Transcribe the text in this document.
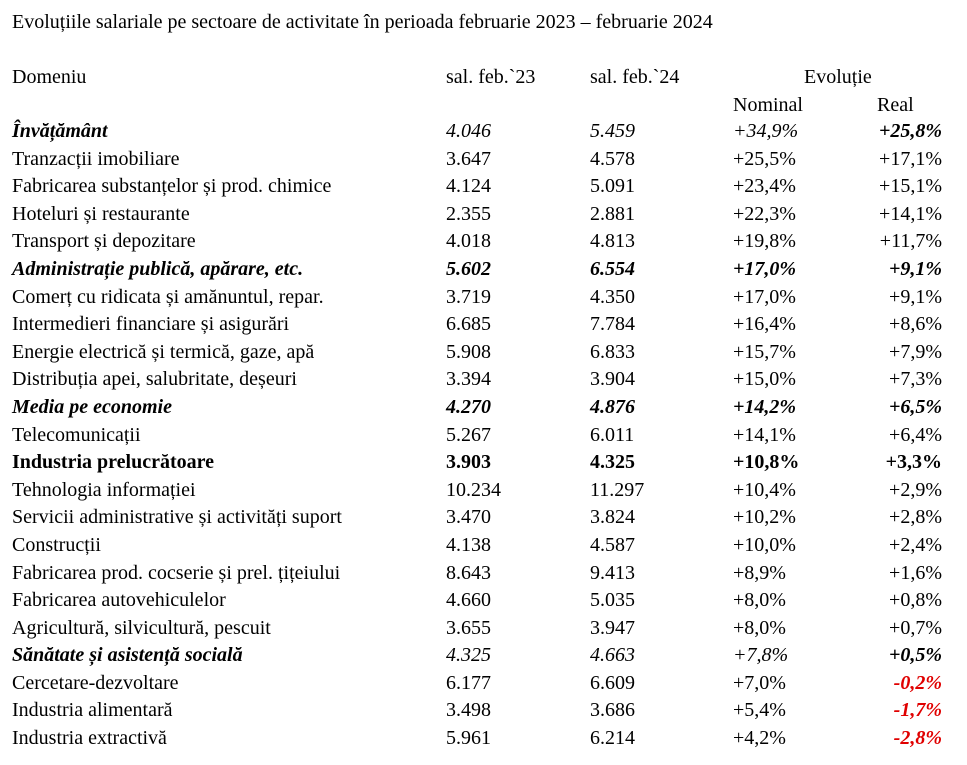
Evoluțiile salariale pe sectoare de activitate în perioada februarie 2023 – februarie 2024
Domeniu	sal. feb.`23	sal. feb.`24	Evoluție
Nominal	Real
Învățământ	4.046	5.459	+34,9%	+25,8%
Tranzacții imobiliare	3.647	4.578	+25,5%	+17,1%
Fabricarea substanțelor și prod. chimice	4.124	5.091	+23,4%	+15,1%
Hoteluri și restaurante	2.355	2.881	+22,3%	+14,1%
Transport și depozitare	4.018	4.813	+19,8%	+11,7%
Administrație publică, apărare, etc.	5.602	6.554	+17,0%	+9,1%
Comerț cu ridicata și amănuntul, repar.	3.719	4.350	+17,0%	+9,1%
Intermedieri financiare și asigurări	6.685	7.784	+16,4%	+8,6%
Energie electrică și termică, gaze, apă	5.908	6.833	+15,7%	+7,9%
Distribuția apei, salubritate, deșeuri	3.394	3.904	+15,0%	+7,3%
Media pe economie	4.270	4.876	+14,2%	+6,5%
Telecomunicații	5.267	6.011	+14,1%	+6,4%
Industria prelucrătoare	3.903	4.325	+10,8%	+3,3%
Tehnologia informației	10.234	11.297	+10,4%	+2,9%
Servicii administrative și activități suport	3.470	3.824	+10,2%	+2,8%
Construcții	4.138	4.587	+10,0%	+2,4%
Fabricarea prod. cocserie și prel. țițeiului	8.643	9.413	+8,9%	+1,6%
Fabricarea autovehiculelor	4.660	5.035	+8,0%	+0,8%
Agricultură, silvicultură, pescuit	3.655	3.947	+8,0%	+0,7%
Sănătate și asistență socială	4.325	4.663	+7,8%	+0,5%
Cercetare-dezvoltare	6.177	6.609	+7,0%	-0,2%
Industria alimentară	3.498	3.686	+5,4%	-1,7%
Industria extractivă	5.961	6.214	+4,2%	-2,8%
